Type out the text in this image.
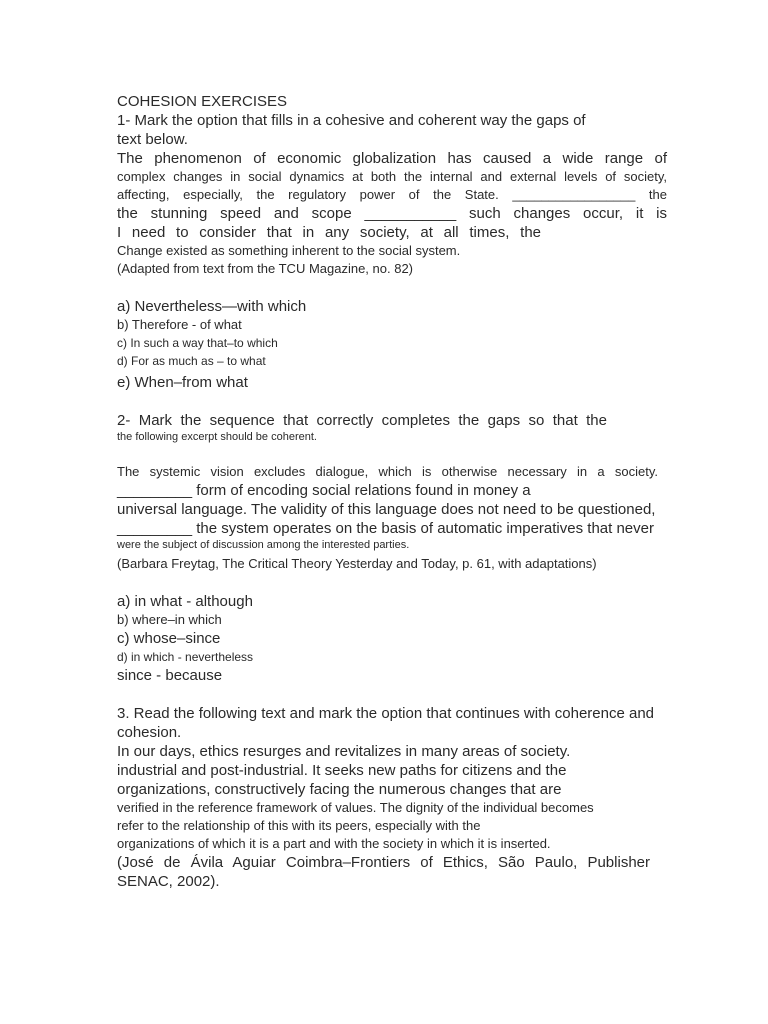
COHESION EXERCISES
1- Mark the option that fills in a cohesive and coherent way the gaps of
text below.
The phenomenon of economic globalization has caused a wide range of
complex changes in social dynamics at both the internal and external levels of society,
affecting, especially, the regulatory power of the State. _________________ the
the stunning speed and scope ___________ such changes occur, it is
I need to consider that in any society, at all times, the
Change existed as something inherent to the social system.
(Adapted from text from the TCU Magazine, no. 82)
a) Nevertheless—with which
b) Therefore - of what
c) In such a way that–to which
d) For as much as – to what
e) When–from what
2- Mark the sequence that correctly completes the gaps so that the
the following excerpt should be coherent.
The systemic vision excludes dialogue, which is otherwise necessary in a society.
_________ form of encoding social relations found in money a
universal language. The validity of this language does not need to be questioned,
_________ the system operates on the basis of automatic imperatives that never
were the subject of discussion among the interested parties.
(Barbara Freytag, The Critical Theory Yesterday and Today, p. 61, with adaptations)
a) in what - although
b) where–in which
c) whose–since
d) in which - nevertheless
since - because
3. Read the following text and mark the option that continues with coherence and
cohesion.
In our days, ethics resurges and revitalizes in many areas of society.
industrial and post-industrial. It seeks new paths for citizens and the
organizations, constructively facing the numerous changes that are
verified in the reference framework of values. The dignity of the individual becomes
refer to the relationship of this with its peers, especially with the
organizations of which it is a part and with the society in which it is inserted.
(José de Ávila Aguiar Coimbra–Frontiers of Ethics, São Paulo, Publisher
SENAC, 2002).
